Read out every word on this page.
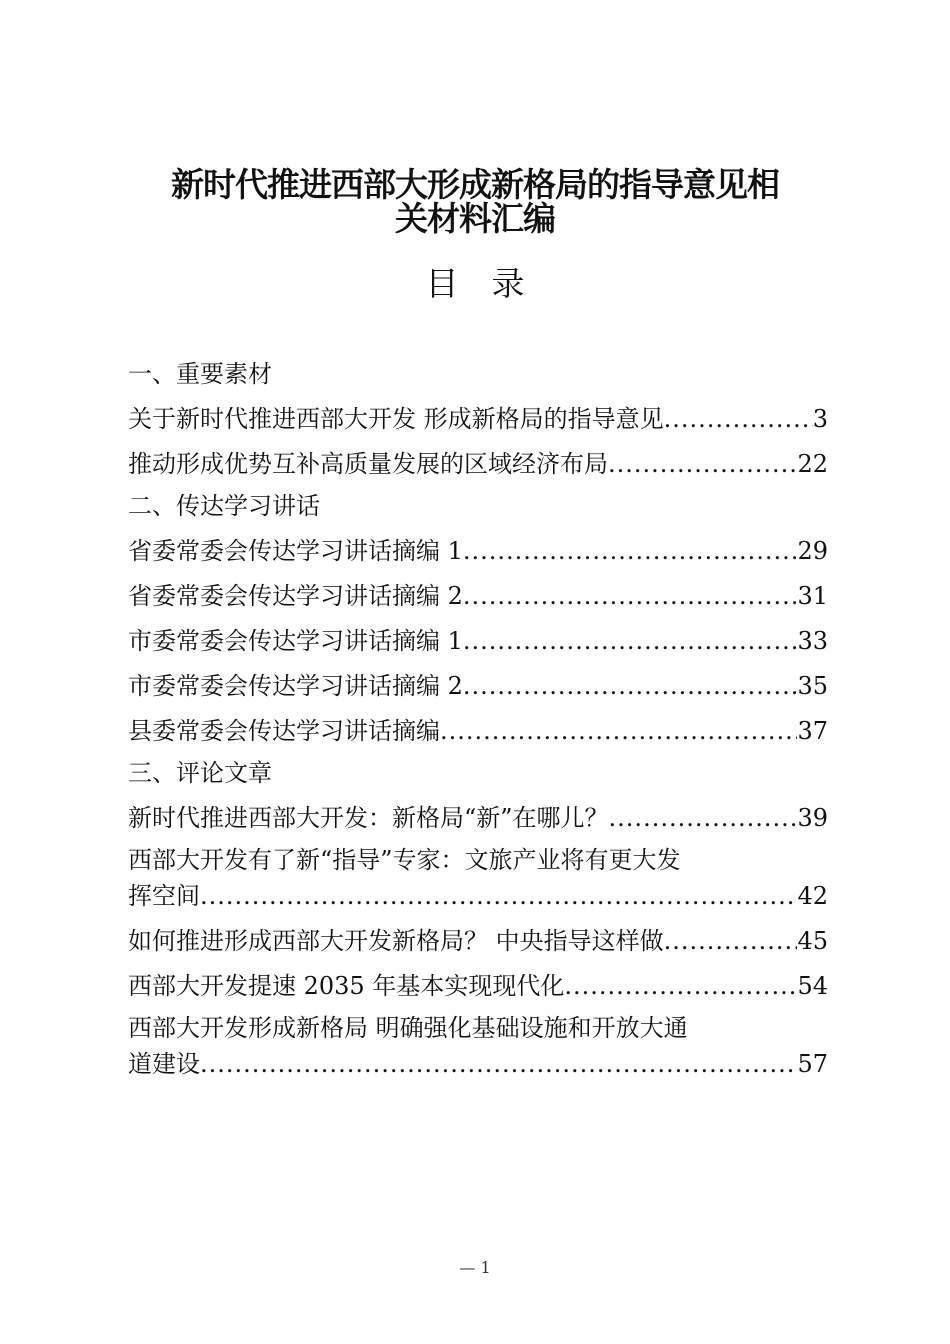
新时代推进西部大形成新格局的指导意见相
关材料汇编
目　录
一、重要素材
关于新时代推进西部大开发 形成新格局的指导意见 .....	3
推动形成优势互补高质量发展的区域经济布局 .....	22
二、传达学习讲话
省委常委会传达学习讲话摘编 1 .....	29
省委常委会传达学习讲话摘编 2 .....	31
市委常委会传达学习讲话摘编 1 .....	33
市委常委会传达学习讲话摘编 2 .....	35
县委常委会传达学习讲话摘编 .....	37
三、评论文章
新时代推进西部大开发：新格局“新”在哪儿？ .....	39
西部大开发有了新“指导”专家：文旅产业将有更大发
挥空间 .....	42
如何推进形成西部大开发新格局？ 中央指导这样做 .....	45
西部大开发提速 2035 年基本实现现代化 .....	54
西部大开发形成新格局 明确强化基础设施和开放大通
道建设 .....	57
— 1
